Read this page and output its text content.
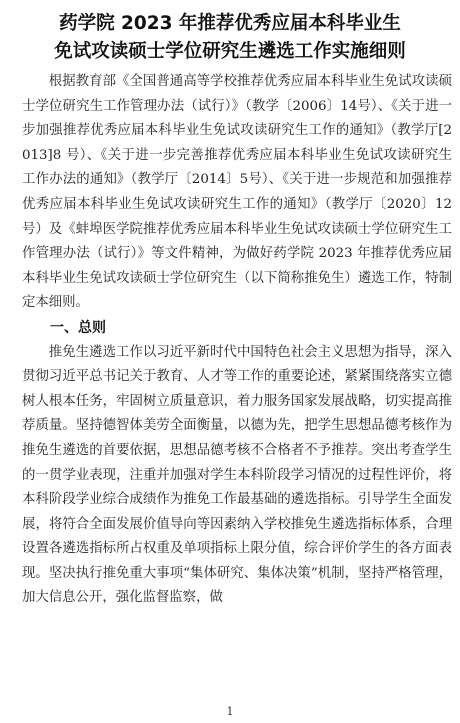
药学院 2023 年推荐优秀应届本科毕业生
免试攻读硕士学位研究生遴选工作实施细则

根据教育部《全国普通高等学校推荐优秀应届本科毕业生免试攻读硕士学位研究生工作管理办法（试行）》（教学〔2006〕14号）、《关于进一步加强推荐优秀应届本科毕业生免试攻读研究生工作的通知》（教学厅[2013]8 号）、《关于进一步完善推荐优秀应届本科毕业生免试攻读研究生工作办法的通知》（教学厅〔2014〕5号）、《关于进一步规范和加强推荐优秀应届本科毕业生免试攻读研究生工作的通知》（教学厅〔2020〕12 号）及《蚌埠医学院推荐优秀应届本科毕业生免试攻读硕士学位研究生工作管理办法（试行）》等文件精神，为做好药学院 2023 年推荐优秀应届本科毕业生免试攻读硕士学位研究生（以下简称推免生）遴选工作，特制定本细则。

一、总则

推免生遴选工作以习近平新时代中国特色社会主义思想为指导，深入贯彻习近平总书记关于教育、人才等工作的重要论述，紧紧围绕落实立德树人根本任务，牢固树立质量意识，着力服务国家发展战略，切实提高推荐质量。坚持德智体美劳全面衡量，以德为先，把学生思想品德考核作为推免生遴选的首要依据，思想品德考核不合格者不予推荐。突出考查学生的一贯学业表现，注重并加强对学生本科阶段学习情况的过程性评价，将本科阶段学业综合成绩作为推免工作最基础的遴选指标。引导学生全面发展，将符合全面发展价值导向等因素纳入学校推免生遴选指标体系，合理设置各遴选指标所占权重及单项指标上限分值，综合评价学生的各方面表现。坚决执行推免重大事项“集体研究、集体决策”机制，坚持严格管理，加大信息公开，强化监督监察，做

1
